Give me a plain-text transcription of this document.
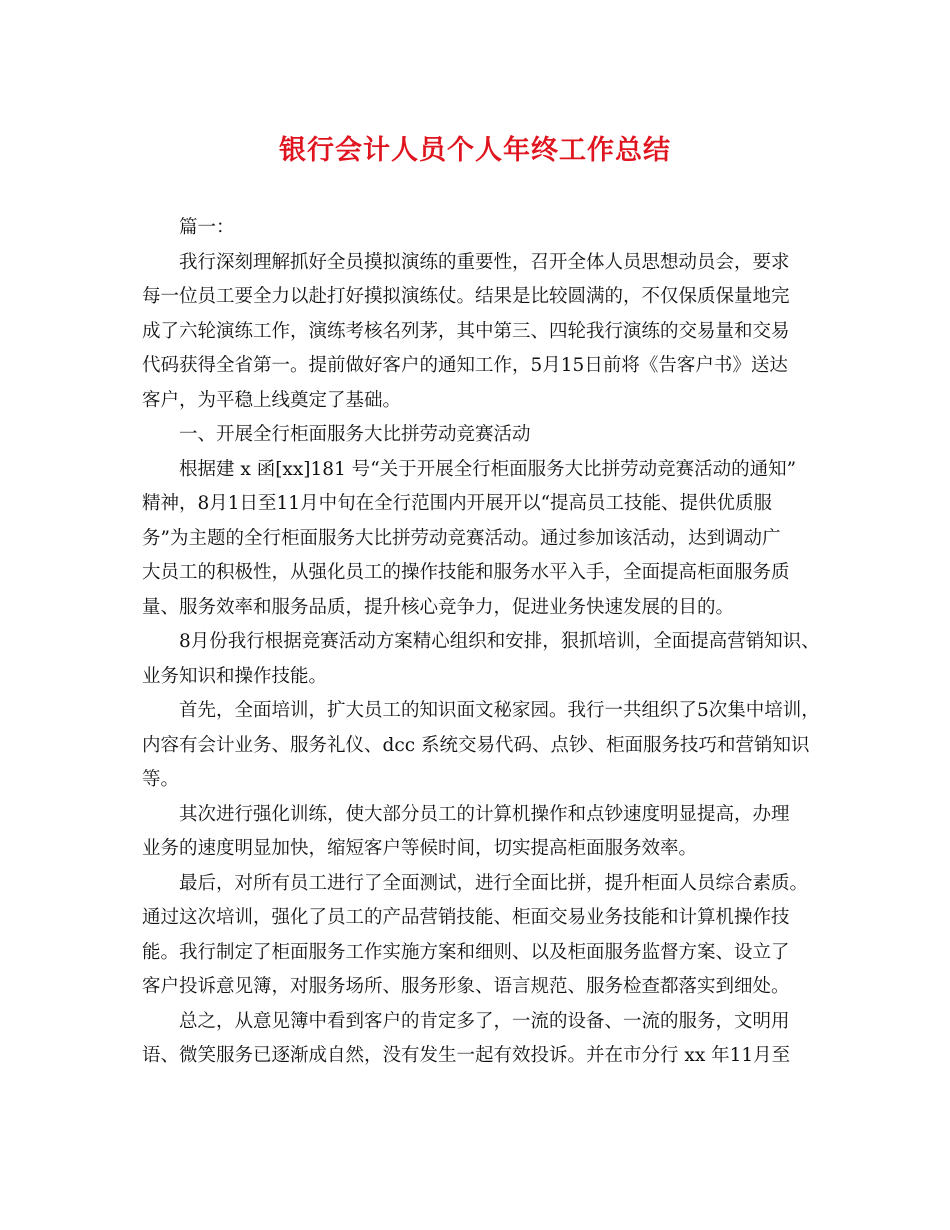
银行会计人员个人年终工作总结
篇一：
我行深刻理解抓好全员摸拟演练的重要性，召开全体人员思想动员会，要求
每一位员工要全力以赴打好摸拟演练仗。结果是比较圆满的，不仅保质保量地完
成了六轮演练工作，演练考核名列茅，其中第三、四轮我行演练的交易量和交易
代码获得全省第一。提前做好客户的通知工作，5月15日前将《告客户书》送达
客户，为平稳上线奠定了基础。
一、开展全行柜面服务大比拼劳动竞赛活动
根据建 x 函[xx]181 号“关于开展全行柜面服务大比拼劳动竞赛活动的通知”
精神，8月1日至11月中旬在全行范围内开展开以“提高员工技能、提供优质服
务”为主题的全行柜面服务大比拼劳动竞赛活动。通过参加该活动，达到调动广
大员工的积极性，从强化员工的操作技能和服务水平入手，全面提高柜面服务质
量、服务效率和服务品质，提升核心竞争力，促进业务快速发展的目的。
8月份我行根据竞赛活动方案精心组织和安排，狠抓培训，全面提高营销知识、
业务知识和操作技能。
首先，全面培训，扩大员工的知识面文秘家园。我行一共组织了5次集中培训，
内容有会计业务、服务礼仪、dcc 系统交易代码、点钞、柜面服务技巧和营销知识
等。
其次进行强化训练，使大部分员工的计算机操作和点钞速度明显提高，办理
业务的速度明显加快，缩短客户等候时间，切实提高柜面服务效率。
最后，对所有员工进行了全面测试，进行全面比拼，提升柜面人员综合素质。
通过这次培训，强化了员工的产品营销技能、柜面交易业务技能和计算机操作技
能。我行制定了柜面服务工作实施方案和细则、以及柜面服务监督方案、设立了
客户投诉意见簿，对服务场所、服务形象、语言规范、服务检查都落实到细处。
总之，从意见簿中看到客户的肯定多了，一流的设备、一流的服务，文明用
语、微笑服务已逐渐成自然，没有发生一起有效投诉。并在市分行 xx 年11月至
